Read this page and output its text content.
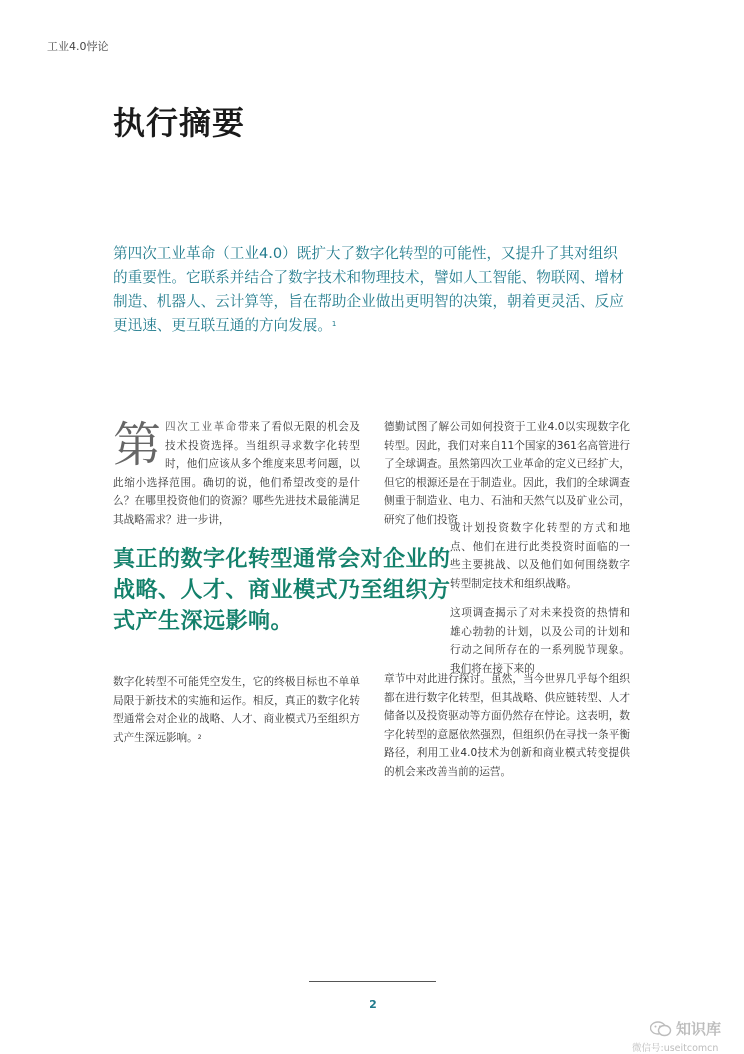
工业4.0悖论
执行摘要
第四次工业革命（工业4.0）既扩大了数字化转型的可能性，又提升了其对组织的重要性。它联系并结合了数字技术和物理技术，譬如人工智能、物联网、增材制造、机器人、云计算等，旨在帮助企业做出更明智的决策，朝着更灵活、反应更迅速、更互联互通的方向发展。$^1$
第四次工业革命带来了看似无限的机会及技术投资选择。当组织寻求数字化转型时，他们应该从多个维度来思考问题，以此缩小选择范围。确切的说，他们希望改变的是什么？在哪里投资他们的资源？哪些先进技术最能满足其战略需求？进一步讲，
真正的数字化转型通常会对企业的战略、人才、商业模式乃至组织方式产生深远影响。
数字化转型不可能凭空发生，它的终极目标也不单单局限于新技术的实施和运作。相反，真正的数字化转型通常会对企业的战略、人才、商业模式乃至组织方式产生深远影响。$^2$
德勤试图了解公司如何投资于工业4.0以实现数字化转型。因此，我们对来自11个国家的361名高管进行了全球调查。虽然第四次工业革命的定义已经扩大，但它的根源还是在于制造业。因此，我们的全球调查侧重于制造业、电力、石油和天然气以及矿业公司，研究了他们投资
或计划投资数字化转型的方式和地点、他们在进行此类投资时面临的一些主要挑战、以及他们如何围绕数字转型制定技术和组织战略。
这项调查揭示了对未来投资的热情和雄心勃勃的计划，以及公司的计划和行动之间所存在的一系列脱节现象。我们将在接下来的
章节中对此进行探讨。虽然，当今世界几乎每个组织都在进行数字化转型，但其战略、供应链转型、人才储备以及投资驱动等方面仍然存在悖论。这表明，数字化转型的意愿依然强烈，但组织仍在寻找一条平衡路径，利用工业4.0技术为创新和商业模式转变提供的机会来改善当前的运营。
2
知识库
微信号:useitcomcn
